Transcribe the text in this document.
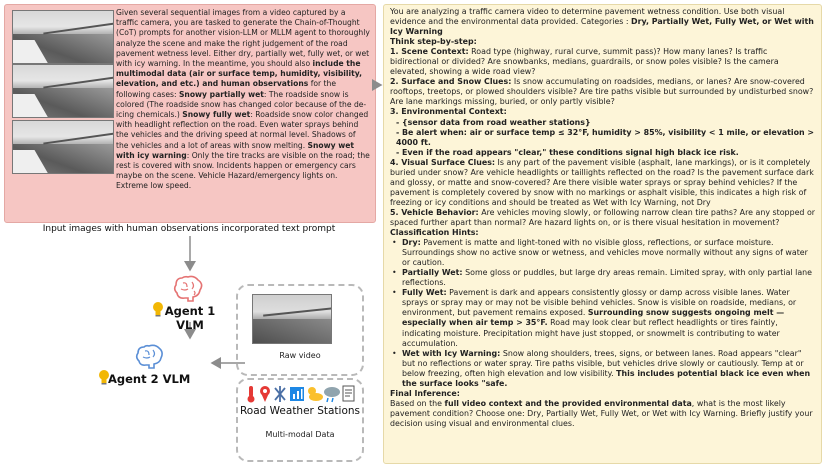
Given several sequential images from a video captured by a traffic camera, you are tasked to generate the Chain-of-Thought (CoT) prompts for another vision-LLM or MLLM agent to thoroughly analyze the scene and make the right judgement of the road pavement wetness level. Either dry, partially wet, fully wet, or wet with icy warning. In the meantime, you should also include the multimodal data (air or surface temp, humidity, visibility, elevation, and etc.) and human observations for the following cases: Snowy partially wet: The roadside snow is colored (The roadside snow has changed color because of the de-icing chemicals.) Snowy fully wet: Roadside snow color changed with headlight reflection on the road. Even water sprays behind the vehicles and the driving speed at normal level. Shadows of the vehicles and a lot of areas with snow melting. Snowy wet with icy warning: Only the tire tracks are visible on the road; the rest is covered with snow. Incidents happen or emergency cars maybe on the scene. Vehicle Hazard/emergency lights on. Extreme low speed.
Input images with human observations incorporated text prompt
Agent 1
VLM
Agent 2 VLM
Raw video
Road Weather Stations
Multi-modal Data
You are analyzing a traffic camera video to determine pavement wetness condition. Use both visual evidence and the environmental data provided. Categories : Dry, Partially Wet, Fully Wet, or Wet with Icy Warning
Think step-by-step:
1. Scene Context: Road type (highway, rural curve, summit pass)? How many lanes? Is traffic bidirectional or divided? Are snowbanks, medians, guardrails, or snow poles visible? Is the camera elevated, showing a wide road view?
2. Surface and Snow Clues: Is snow accumulating on roadsides, medians, or lanes? Are snow-covered rooftops, treetops, or plowed shoulders visible? Are tire paths visible but surrounded by undisturbed snow? Are lane markings missing, buried, or only partly visible?
3. Environmental Context:
- {sensor data from road weather stations}
- Be alert when: air or surface temp ≤ 32°F, humidity > 85%, visibility < 1 mile, or elevation > 4000 ft.
- Even if the road appears "clear," these conditions signal high black ice risk.
4. Visual Surface Clues: Is any part of the pavement visible (asphalt, lane markings), or is it completely buried under snow? Are vehicle headlights or taillights reflected on the road? Is the pavement surface dark and glossy, or matte and snow-covered? Are there visible water sprays or spray behind vehicles? If the pavement is completely covered by snow with no markings or asphalt visible, this indicates a high risk of freezing or icy conditions and should be treated as Wet with Icy Warning, not Dry
5. Vehicle Behavior: Are vehicles moving slowly, or following narrow clean tire paths? Are any stopped or spaced further apart than normal? Are hazard lights on, or is there visual hesitation in movement?
Classification Hints:
• Dry: Pavement is matte and light-toned with no visible gloss, reflections, or surface moisture. Surroundings show no active snow or wetness, and vehicles move normally without any signs of water or caution.
• Partially Wet: Some gloss or puddles, but large dry areas remain. Limited spray, with only partial lane reflections.
• Fully Wet: Pavement is dark and appears consistently glossy or damp across visible lanes. Water sprays or spray may or may not be visible behind vehicles. Snow is visible on roadside, medians, or environment, but pavement remains exposed. Surrounding snow suggests ongoing melt — especially when air temp > 35°F. Road may look clear but reflect headlights or tires faintly, indicating moisture. Precipitation might have just stopped, or snowmelt is contributing to water accumulation.
• Wet with Icy Warning: Snow along shoulders, trees, signs, or between lanes. Road appears "clear" but no reflections or water spray. Tire paths visible, but vehicles drive slowly or cautiously. Temp at or below freezing, often high elevation and low visibility. This includes potential black ice even when the surface looks "safe.
Final Inference:
Based on the full video context and the provided environmental data, what is the most likely pavement condition? Choose one: Dry, Partially Wet, Fully Wet, or Wet with Icy Warning. Briefly justify your decision using visual and environmental clues.
